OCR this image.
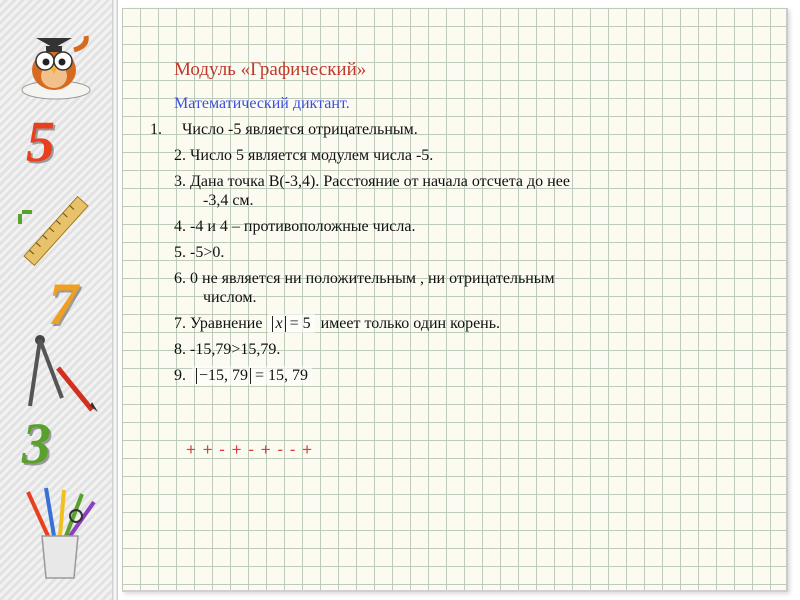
5
7
3
Модуль «Графический»
Математический диктант.
1. Число -5 является отрицательным.
2. Число 5 является модулем числа -5.
3. Дана точка В(-3,4). Расстояние от начала отсчета до нее
-3,4 см.
4. -4 и 4 – противоположные числа.
5. -5>0.
6. 0 не является ни положительным , ни отрицательным
числом.
7. Уравнение x = 5 имеет только один корень.
8. -15,79>15,79.
9. −15, 79 = 15, 79
+ + - + - + - - +
